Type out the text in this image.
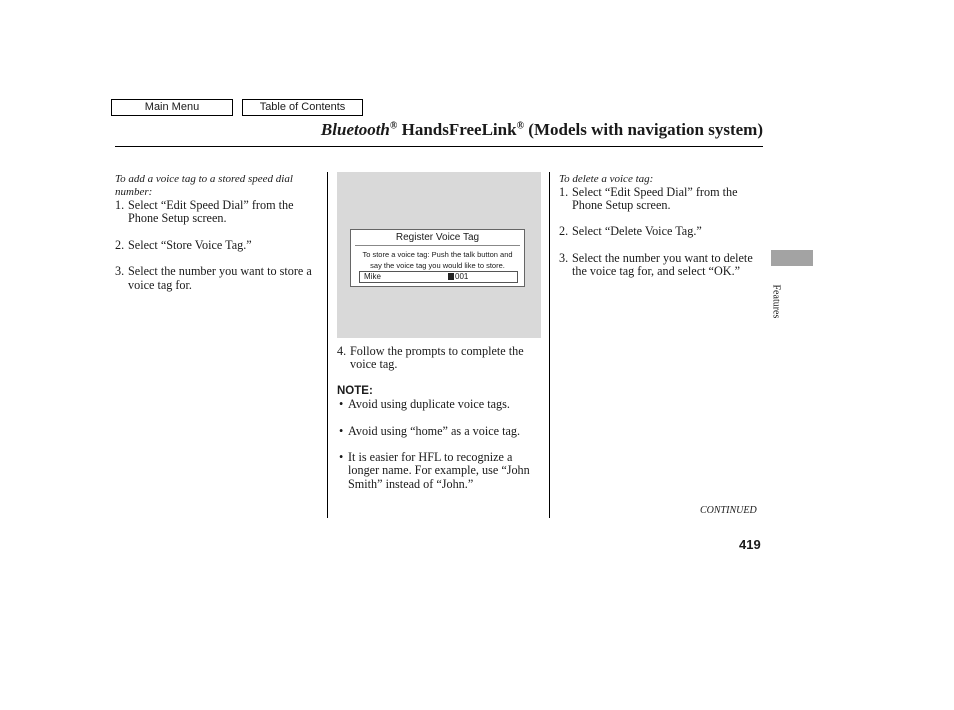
Main Menu	Table of Contents
Bluetooth® HandsFreeLink® (Models with navigation system)
To add a voice tag to a stored speed dial number:
1. Select “Edit Speed Dial” from the Phone Setup screen.
2. Select “Store Voice Tag.”
3. Select the number you want to store a voice tag for.
Register Voice Tag
To store a voice tag: Push the talk button and
say the voice tag you would like to store.
Mike	001
4. Follow the prompts to complete the voice tag.
NOTE:
• Avoid using duplicate voice tags.
• Avoid using “home” as a voice tag.
• It is easier for HFL to recognize a longer name. For example, use “John Smith” instead of “John.”
To delete a voice tag:
1. Select “Edit Speed Dial” from the Phone Setup screen.
2. Select “Delete Voice Tag.”
3. Select the number you want to delete the voice tag for, and select “OK.”
Features
CONTINUED
419
